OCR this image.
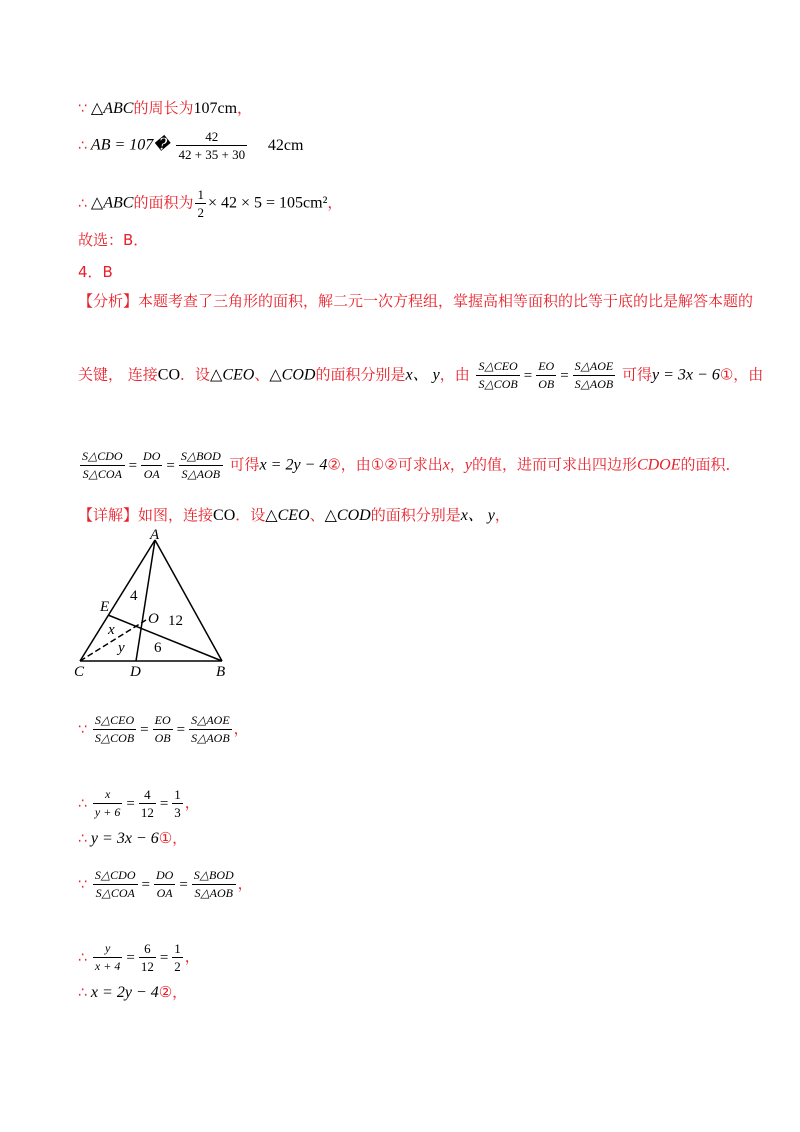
∵ △ABC的周长为107cm，
∴ AB = 107� $\frac{42}{42 + 35 + 30} 42cm$
∴ △ABC的面积为 $\frac{1}{2} \times 42 \times 5 = 105cm^2$，
故选：B．
4．B
【分析】本题考查了三角形的面积，解二元一次方程组，掌握高相等面积的比等于底的比是解答本题的
关键， 连接CO．设△CEO、△COD的面积分别是x、 y，由 $\frac{\text{S△CEO}}{\text{S△COB}} = \frac{EO}{OB} = \frac{\text{S△AOE}}{\text{S△AOB}}$ 可得y = 3x − 6①，由
$\frac{\text{S△CDO}}{\text{S△COA}} = \frac{DO}{OA} = \frac{\text{S△BOD}}{\text{S△AOB}}$ 可得x = 2y − 4②，由①②可求出x，y的值，进而可求出四边形CDOE的面积．
【详解】如图，连接CO．设△CEO、△COD的面积分别是x、 y，
A
B
C	D
E
O
4
12
6
x
y
∵ $\frac{\text{S△CEO}}{\text{S△COB}} = \frac{EO}{OB} = \frac{\text{S△AOE}}{\text{S△AOB}}$ ，
∴ $\frac{x}{y + 6} = \frac{4}{12} = \frac{1}{3}$ ，
∴ y = 3x − 6①，
∵ $\frac{\text{S△CDO}}{\text{S△COA}} = \frac{DO}{OA} = \frac{\text{S△BOD}}{\text{S△AOB}}$ ，
∴ $\frac{y}{x + 4} = \frac{6}{12} = \frac{1}{2}$ ，
∴ x = 2y − 4②，
